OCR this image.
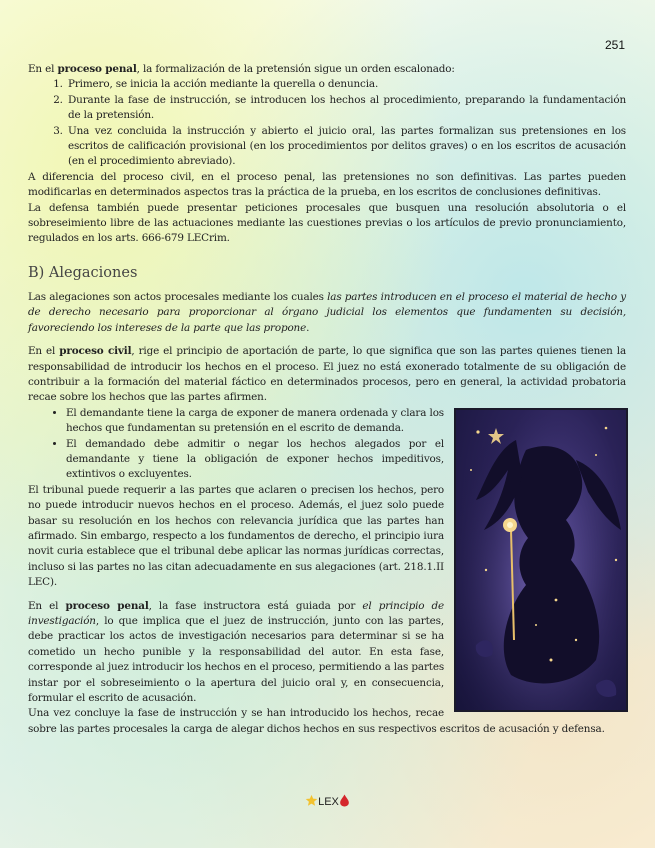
251

En el proceso penal, la formalización de la pretensión sigue un orden escalonado:

1. Primero, se inicia la acción mediante la querella o denuncia.
2. Durante la fase de instrucción, se introducen los hechos al procedimiento, preparando la fundamentación de la pretensión.
3. Una vez concluida la instrucción y abierto el juicio oral, las partes formalizan sus pretensiones en los escritos de calificación provisional (en los procedimientos por delitos graves) o en los escritos de acusación (en el procedimiento abreviado).

A diferencia del proceso civil, en el proceso penal, las pretensiones no son definitivas. Las partes pueden modificarlas en determinados aspectos tras la práctica de la prueba, en los escritos de conclusiones definitivas.

La defensa también puede presentar peticiones procesales que busquen una resolución absolutoria o el sobreseimiento libre de las actuaciones mediante las cuestiones previas o los artículos de previo pronunciamiento, regulados en los arts. 666-679 LECrim.

B) Alegaciones

Las alegaciones son actos procesales mediante los cuales las partes introducen en el proceso el material de hecho y de derecho necesario para proporcionar al órgano judicial los elementos que fundamenten su decisión, favoreciendo los intereses de la parte que las propone.

En el proceso civil, rige el principio de aportación de parte, lo que significa que son las partes quienes tienen la responsabilidad de introducir los hechos en el proceso. El juez no está exonerado totalmente de su obligación de contribuir a la formación del material fáctico en determinados procesos, pero en general, la actividad probatoria recae sobre los hechos que las partes afirmen.

• El demandante tiene la carga de exponer de manera ordenada y clara los hechos que fundamentan su pretensión en el escrito de demanda.
• El demandado debe admitir o negar los hechos alegados por el demandante y tiene la obligación de exponer hechos impeditivos, extintivos o excluyentes.

El tribunal puede requerir a las partes que aclaren o precisen los hechos, pero no puede introducir nuevos hechos en el proceso. Además, el juez solo puede basar su resolución en los hechos con relevancia jurídica que las partes han afirmado. Sin embargo, respecto a los fundamentos de derecho, el principio iura novit curia establece que el tribunal debe aplicar las normas jurídicas correctas, incluso si las partes no las citan adecuadamente en sus alegaciones (art. 218.1.II LEC).

En el proceso penal, la fase instructora está guiada por el principio de investigación, lo que implica que el juez de instrucción, junto con las partes, debe practicar los actos de investigación necesarios para determinar si se ha cometido un hecho punible y la responsabilidad del autor. En esta fase, corresponde al juez introducir los hechos en el proceso, permitiendo a las partes instar por el sobreseimiento o la apertura del juicio oral y, en consecuencia, formular el escrito de acusación.

Una vez concluye la fase de instrucción y se han introducido los hechos, recae sobre las partes procesales la carga de alegar dichos hechos en sus respectivos escritos de acusación y defensa.

LEX
